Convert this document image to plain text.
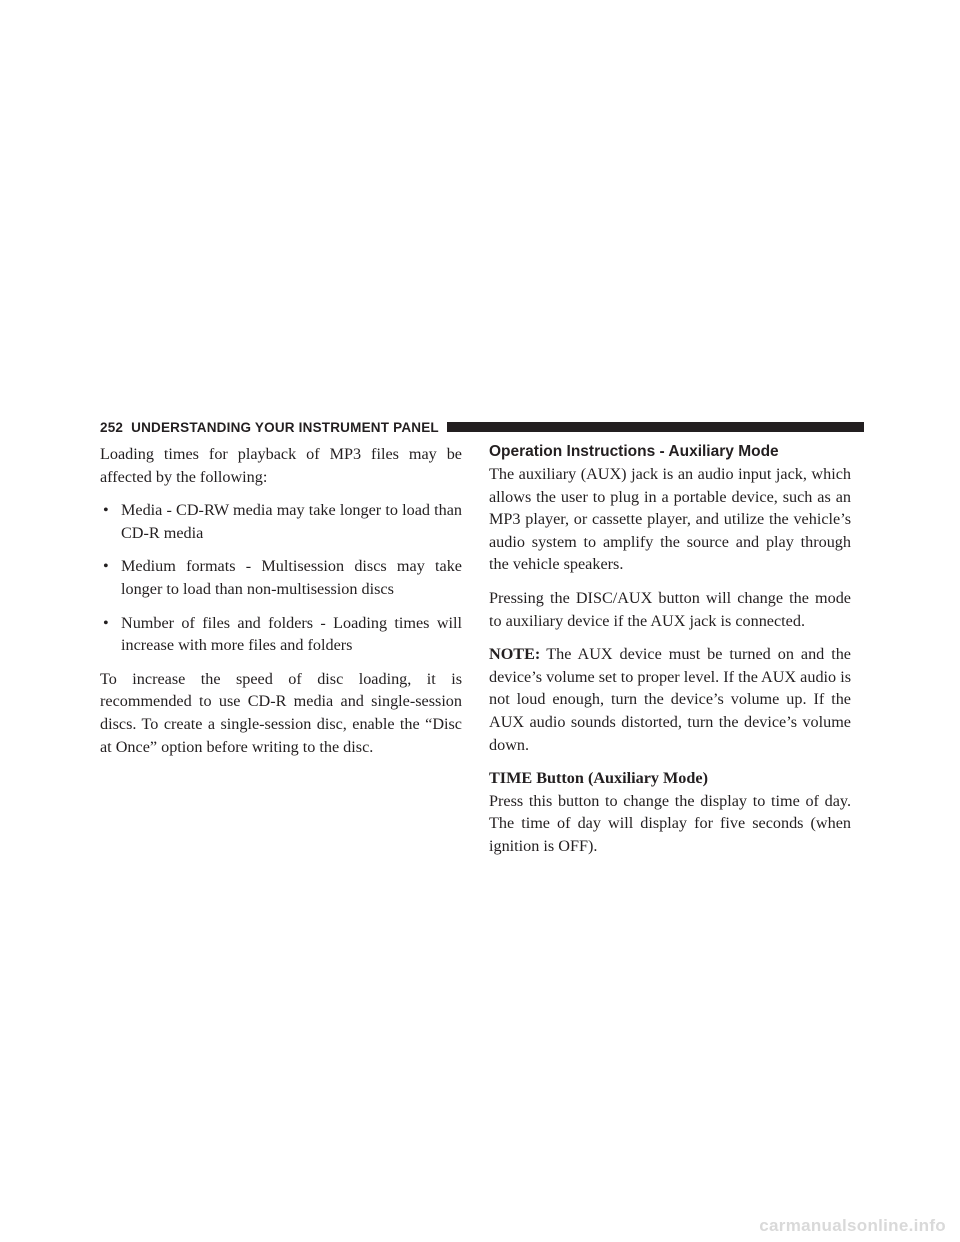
252 UNDERSTANDING YOUR INSTRUMENT PANEL

Loading times for playback of MP3 files may be affected by the following:

• Media - CD-RW media may take longer to load than CD-R media
• Medium formats - Multisession discs may take longer to load than non-multisession discs
• Number of files and folders - Loading times will increase with more files and folders

To increase the speed of disc loading, it is recommended to use CD-R media and single-session discs. To create a single-session disc, enable the “Disc at Once” option before writing to the disc.

Operation Instructions - Auxiliary Mode

The auxiliary (AUX) jack is an audio input jack, which allows the user to plug in a portable device, such as an MP3 player, or cassette player, and utilize the vehicle’s audio system to amplify the source and play through the vehicle speakers.

Pressing the DISC/AUX button will change the mode to auxiliary device if the AUX jack is connected.

NOTE: The AUX device must be turned on and the device’s volume set to proper level. If the AUX audio is not loud enough, turn the device’s volume up. If the AUX audio sounds distorted, turn the device’s volume down.

TIME Button (Auxiliary Mode)

Press this button to change the display to time of day. The time of day will display for five seconds (when ignition is OFF).

carmanualsonline.info
